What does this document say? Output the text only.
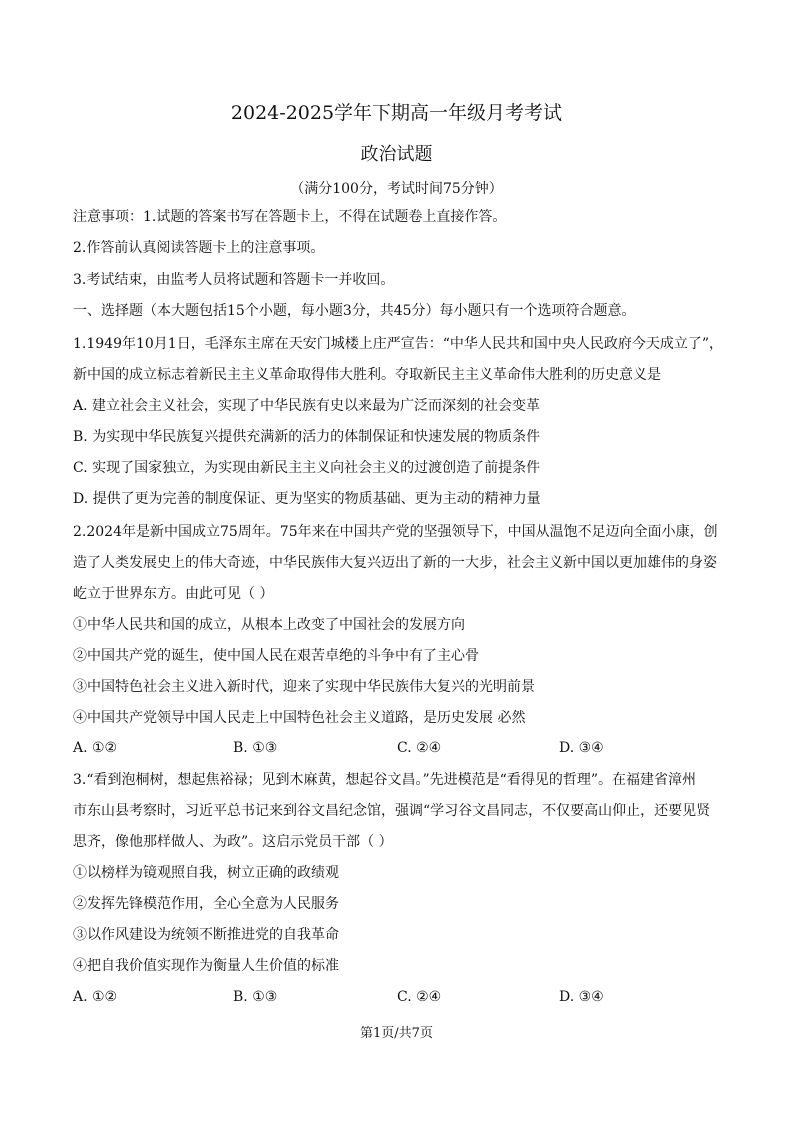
2024-2025学年下期高一年级月考考试
政治试题
（满分100分，考试时间75分钟）
注意事项：1.试题的答案书写在答题卡上，不得在试题卷上直接作答。
2.作答前认真阅读答题卡上的注意事项。
3.考试结束，由监考人员将试题和答题卡一并收回。
一、选择题（本大题包括15个小题，每小题3分，共45分）每小题只有一个选项符合题意。
1.1949年10月1日，毛泽东主席在天安门城楼上庄严宣告：“中华人民共和国中央人民政府今天成立了”，
新中国的成立标志着新民主主义革命取得伟大胜利。夺取新民主主义革命伟大胜利的历史意义是
A. 建立社会主义社会，实现了中华民族有史以来最为广泛而深刻的社会变革
B. 为实现中华民族复兴提供充满新的活力的体制保证和快速发展的物质条件
C. 实现了国家独立，为实现由新民主主义向社会主义的过渡创造了前提条件
D. 提供了更为完善的制度保证、更为坚实的物质基础、更为主动的精神力量
2.2024年是新中国成立75周年。75年来在中国共产党的坚强领导下，中国从温饱不足迈向全面小康，创
造了人类发展史上的伟大奇迹，中华民族伟大复兴迈出了新的一大步，社会主义新中国以更加雄伟的身姿
屹立于世界东方。由此可见（ ）
①中华人民共和国的成立，从根本上改变了中国社会的发展方向
②中国共产党的诞生，使中国人民在艰苦卓绝的斗争中有了主心骨
③中国特色社会主义进入新时代，迎来了实现中华民族伟大复兴的光明前景
④中国共产党领导中国人民走上中国特色社会主义道路，是历史发展 必然
A. ①②	B. ①③	C. ②④	D. ③④
3.“看到泡桐树，想起焦裕禄；见到木麻黄，想起谷文昌。”先进模范是“看得见的哲理”。在福建省漳州
市东山县考察时，习近平总书记来到谷文昌纪念馆，强调“学习谷文昌同志，不仅要高山仰止，还要见贤
思齐，像他那样做人、为政”。这启示党员干部（ ）
①以榜样为镜观照自我，树立正确的政绩观
②发挥先锋模范作用，全心全意为人民服务
③以作风建设为统领不断推进党的自我革命
④把自我价值实现作为衡量人生价值的标准
A. ①②	B. ①③	C. ②④	D. ③④
第1页/共7页
